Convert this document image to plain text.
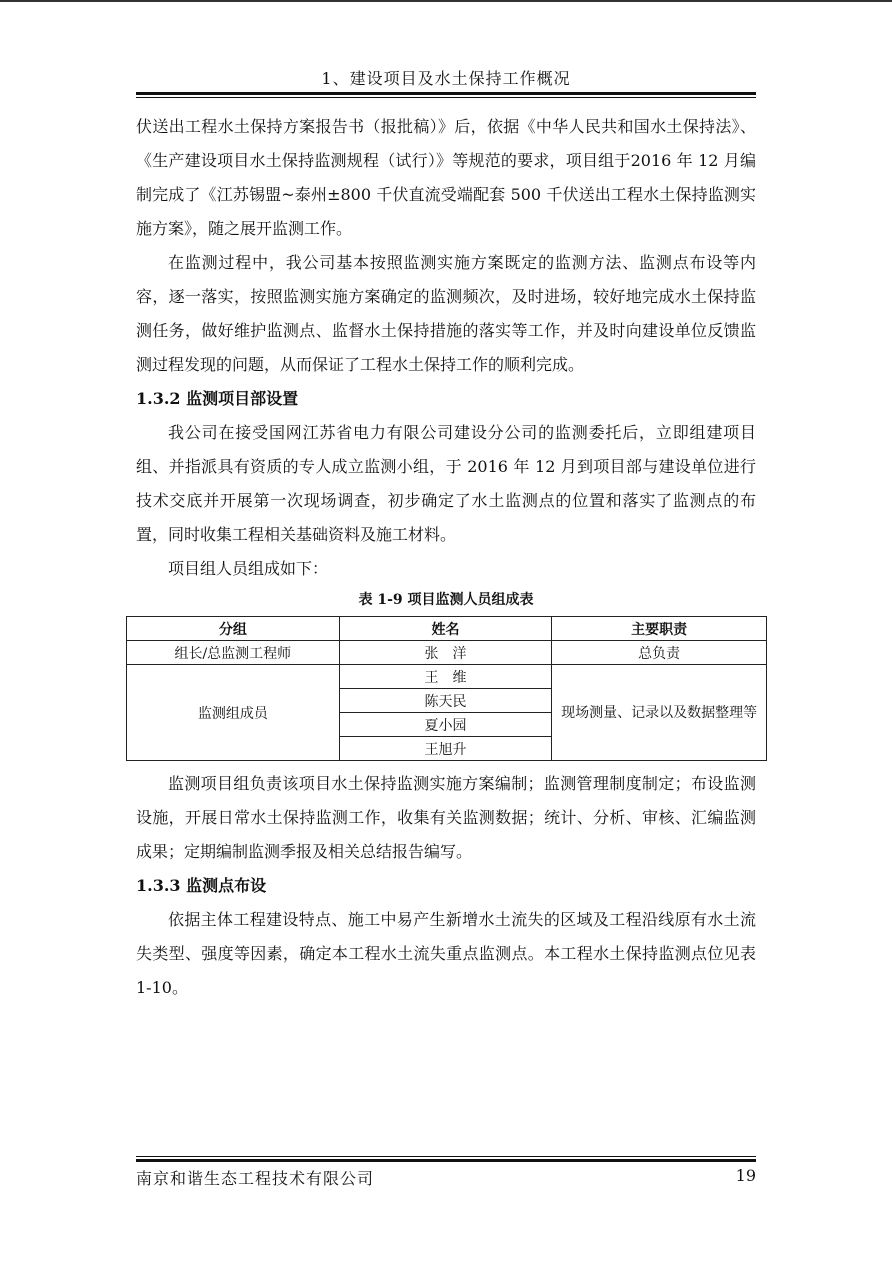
1、建设项目及水土保持工作概况

伏送出工程水土保持方案报告书（报批稿）》后，依据《中华人民共和国水土保持法》、《生产建设项目水土保持监测规程（试行）》等规范的要求，项目组于2016 年 12 月编制完成了《江苏锡盟~泰州±800 千伏直流受端配套 500 千伏送出工程水土保持监测实施方案》，随之展开监测工作。

在监测过程中，我公司基本按照监测实施方案既定的监测方法、监测点布设等内容，逐一落实，按照监测实施方案确定的监测频次，及时进场，较好地完成水土保持监测任务，做好维护监测点、监督水土保持措施的落实等工作，并及时向建设单位反馈监测过程发现的问题，从而保证了工程水土保持工作的顺利完成。

1.3.2 监测项目部设置

我公司在接受国网江苏省电力有限公司建设分公司的监测委托后，立即组建项目组、并指派具有资质的专人成立监测小组，于 2016 年 12 月到项目部与建设单位进行技术交底并开展第一次现场调查，初步确定了水土监测点的位置和落实了监测点的布置，同时收集工程相关基础资料及施工材料。

项目组人员组成如下：

表 1-9 项目监测人员组成表
分组	姓名	主要职责
组长/总监测工程师	张　洋	总负责
监测组成员	王　维	现场测量、记录以及数据整理等
	陈天民	
	夏小园	
	王旭升	

监测项目组负责该项目水土保持监测实施方案编制；监测管理制度制定；布设监测设施，开展日常水土保持监测工作，收集有关监测数据；统计、分析、审核、汇编监测成果；定期编制监测季报及相关总结报告编写。

1.3.3 监测点布设

依据主体工程建设特点、施工中易产生新增水土流失的区域及工程沿线原有水土流失类型、强度等因素，确定本工程水土流失重点监测点。本工程水土保持监测点位见表 1-10。

南京和谐生态工程技术有限公司	19
